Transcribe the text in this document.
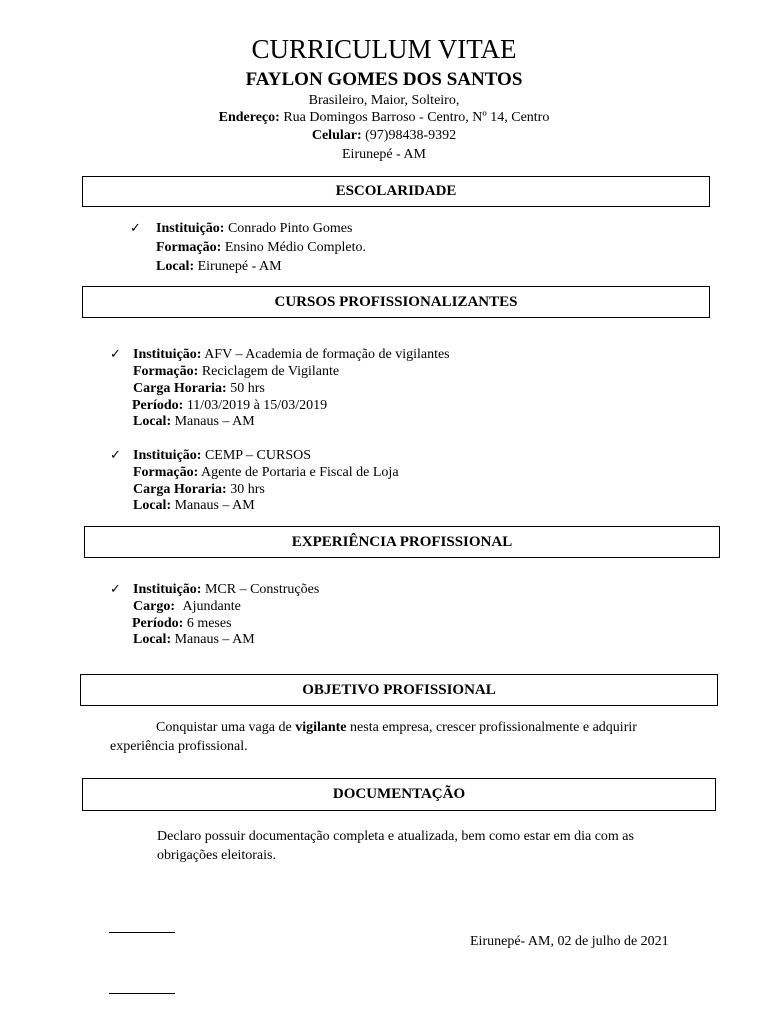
CURRICULUM VITAE
FAYLON GOMES DOS SANTOS
Brasileiro, Maior, Solteiro,
Endereço: Rua Domingos Barroso - Centro, Nº 14, Centro
Celular: (97)98438-9392
Eirunepé - AM
ESCOLARIDADE
✓ Instituição: Conrado Pinto Gomes
Formação: Ensino Médio Completo.
Local: Eirunepé - AM
CURSOS PROFISSIONALIZANTES
✓ Instituição: AFV – Academia de formação de vigilantes
Formação: Reciclagem de Vigilante
Carga Horaria: 50 hrs
Período: 11/03/2019 à 15/03/2019
Local: Manaus – AM
✓ Instituição: CEMP – CURSOS
Formação: Agente de Portaria e Fiscal de Loja
Carga Horaria: 30 hrs
Local: Manaus – AM
EXPERIÊNCIA PROFISSIONAL
✓ Instituição: MCR – Construções
Cargo: Ajundante
Período: 6 meses
Local: Manaus – AM
OBJETIVO PROFISSIONAL
Conquistar uma vaga de vigilante nesta empresa, crescer profissionalmente e adquirir
experiência profissional.
DOCUMENTAÇÃO
Declaro possuir documentação completa e atualizada, bem como estar em dia com as
obrigações eleitorais.
Eirunepé- AM, 02 de julho de 2021
